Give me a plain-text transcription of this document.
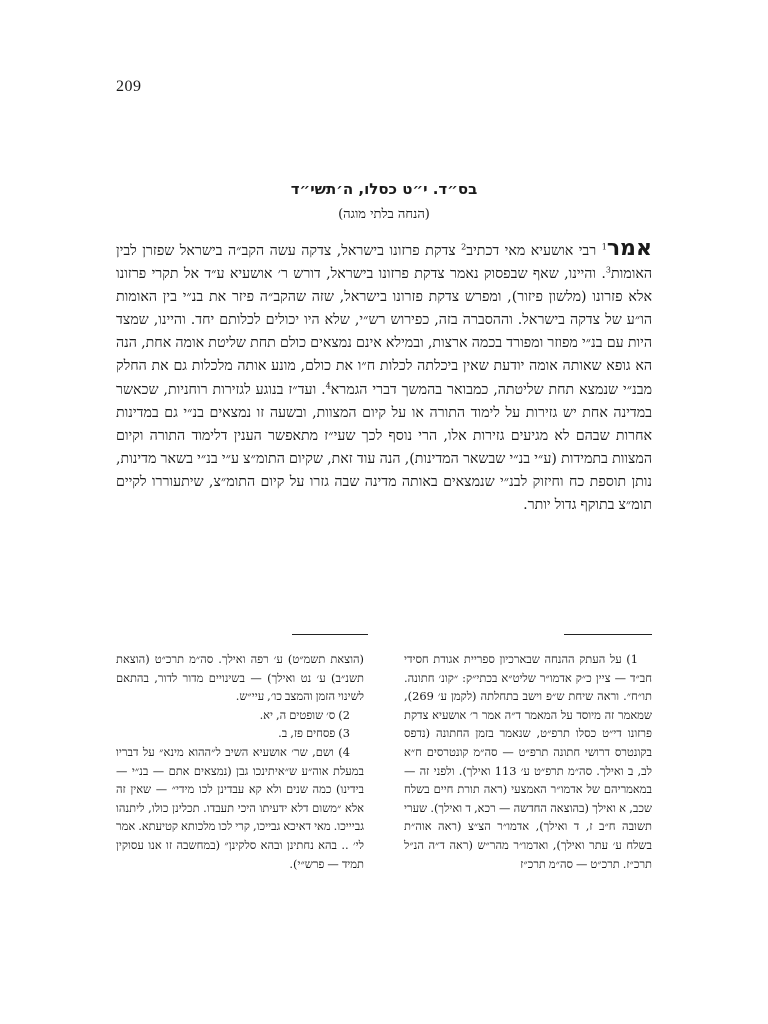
209
בס״ד. י״ט כסלו, ה׳תשי״ד
(הנחה בלתי מוגה)

אמר$^1$ רבי אושעיא מאי דכתיב$^2$ צדקת פרזונו בישראל, צדקה עשה הקב״ה בישראל שפזרן לבין האומות$^3$. והיינו, שאף שבפסוק נאמר צדקת פרזונו בישראל, דורש ר׳ אושעיא ע״ד אל תקרי פרזונו אלא פזרונו (מלשון פיזור), ומפרש צדקת פזרונו בישראל, שזה שהקב״ה פיזר את בנ״י בין האומות הו״ע של צדקה בישראל. וההסברה בזה, כפירוש רש״י, שלא היו יכולים לכלותם יחד. והיינו, שמצד היות עם בנ״י מפוזר ומפורד בכמה ארצות, ובמילא אינם נמצאים כולם תחת שליטת אומה אחת, הנה הא גופא שאותה אומה יודעת שאין ביכלתה לכלות ח״ו את כולם, מונע אותה מלכלות גם את החלק מבנ״י שנמצא תחת שליטתה, כמבואר בהמשך דברי הגמרא$^4$. ועד״ז בנוגע לגזירות רוחניות, שכאשר במדינה אחת יש גזירות על לימוד התורה או על קיום המצוות, ובשעה זו נמצאים בנ״י גם במדינות אחרות שבהם לא מגיעים גזירות אלו, הרי נוסף לכך שעי״ז מתאפשר הענין דלימוד התורה וקיום המצוות בתמידות (ע״י בנ״י שבשאר המדינות), הנה עוד זאת, שקיום התומ״צ ע״י בנ״י בשאר מדינות, נותן תוספת כח וחיזוק לבנ״י שנמצאים באותה מדינה שבה גזרו על קיום התומ״צ, שיתעוררו לקיים תומ״צ בתוקף גדול יותר.

1) על העתק ההנחה שבארכיון ספריית אגודת חסידי חב״ד — ציין כ״ק אדמו״ר שליט״א בכתי״ק: ״קונ׳ חתונה. תו״ח״. וראה שיחת ש״פ וישב בתחלתה (לקמן ע׳ 269), שמאמר זה מיוסד על המאמר ד״ה אמר ר׳ אושעיא צדקת פרזונו די״ט כסלו תרפ״ט, שנאמר בזמן החתונה (נדפס בקונטרס דרושי חתונה תרפ״ט — סה״מ קונטרסים ח״א לב, ב ואילך. סה״מ תרפ״ט ע׳ 113 ואילך). ולפני זה — במאמריהם של אדמו״ר האמצעי (ראה תורת חיים בשלח שכב, א ואילך (בהוצאה החדשה — רכא, ד ואילך). שערי תשובה ח״ב ז, ד ואילך), אדמו״ר הצ״צ (ראה אוה״ת בשלח ע׳ עתר ואילך), ואדמו״ר מהר״ש (ראה ד״ה הנ״ל תרכ״ז. תרכ״ט — סה״מ תרכ״ז

(הוצאת תשמ״ט) ע׳ רפה ואילך. סה״מ תרכ״ט (הוצאת תשנ״ב) ע׳ נט ואילך) — בשינויים מדור לדור, בהתאם לשינוי הזמן והמצב כו׳, עיי״ש.

2) ס׳ שופטים ה, יא.

3) פסחים פז, ב.

4) ושם, שר׳ אושעיא השיב ל״ההוא מינא״ על דבריו במעלת אוה״ע ש״איתינכו גבן (נמצאים אתם — בנ״י — בידינו) כמה שנים ולא קא עבדינן לכו מידי״ — שאין זה אלא ״משום דלא ידעיתו היכי תעבדו. תכלינן כולו, ליתנהו גביייכו. מאי דאיכא גבייכו, קרי לכו מלכותא קטיעתא. אמר לי׳ .. בהא נחתינן ובהא סלקינן״ (במחשבה זו אנו עסוקין תמיד — פרש״י).
